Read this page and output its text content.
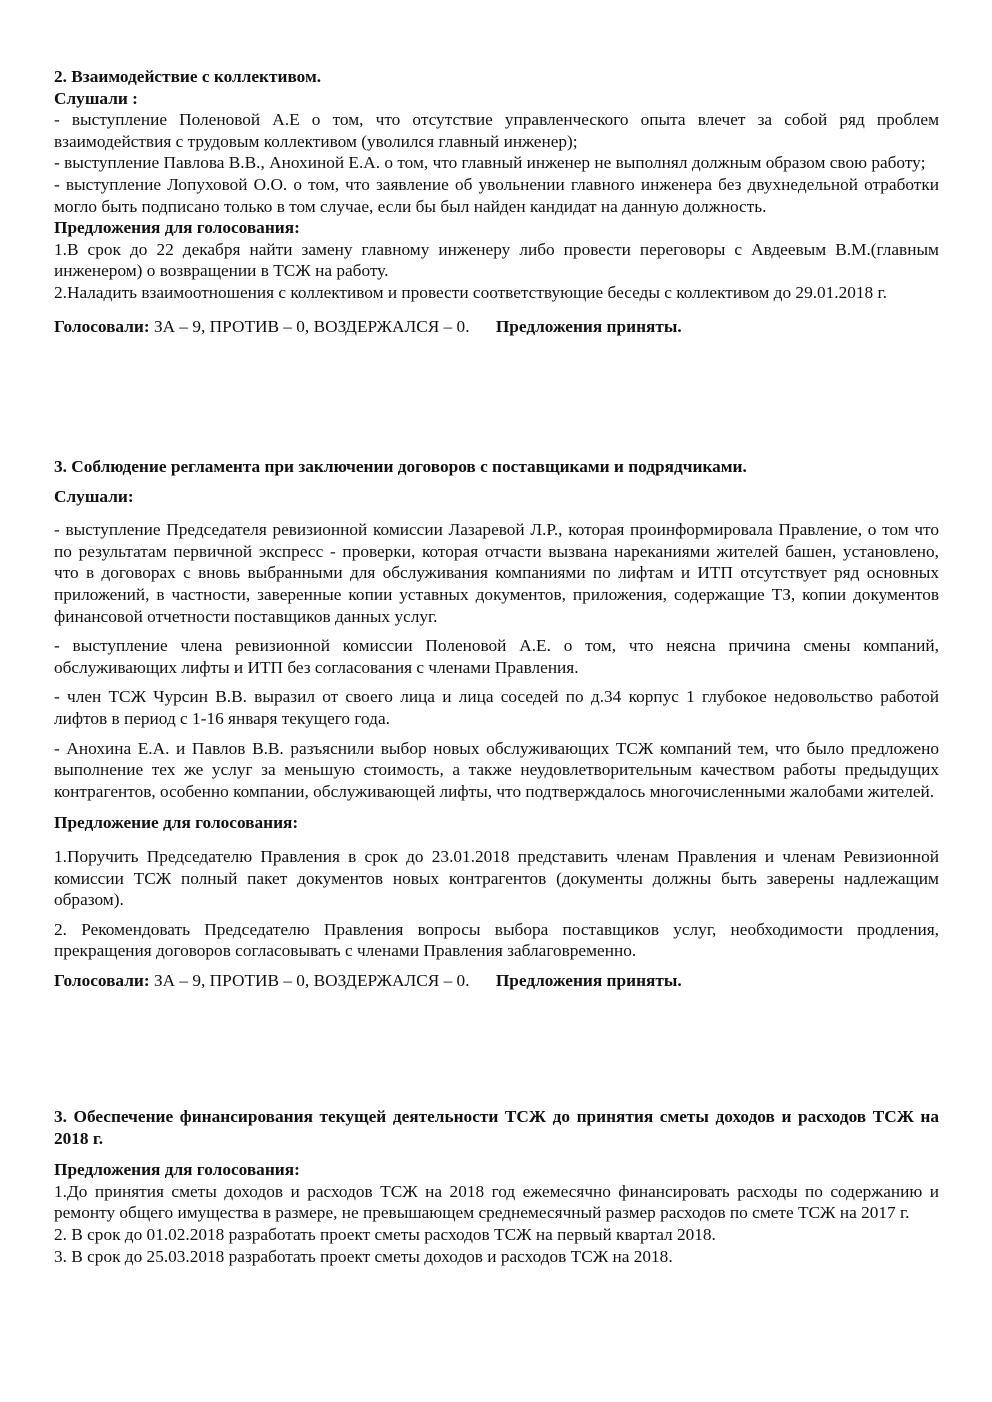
2. Взаимодействие с коллективом.
Слушали :

- выступление Поленовой А.Е о том, что отсутствие управленческого опыта влечет за собой ряд проблем взаимодействия с трудовым коллективом (уволился главный инженер);

- выступление Павлова В.В., Анохиной Е.А. о том, что главный инженер не выполнял должным образом свою работу;

- выступление Лопуховой О.О. о том, что заявление об увольнении главного инженера без двухнедельной отработки могло быть подписано только в том случае, если бы был найден кандидат на данную должность.

Предложения для голосования:

1.В срок до 22 декабря найти замену главному инженеру либо провести переговоры с Авдеевым В.М.(главным инженером) о возвращении в ТСЖ на работу.

2.Наладить взаимоотношения с коллективом и провести соответствующие беседы с коллективом до 29.01.2018 г.

Голосовали: ЗА – 9, ПРОТИВ – 0, ВОЗДЕРЖАЛСЯ – 0. Предложения приняты.
3. Соблюдение регламента при заключении договоров с поставщиками и подрядчиками.
Слушали:

- выступление Председателя ревизионной комиссии Лазаревой Л.Р., которая проинформировала Правление, о том что по результатам первичной экспресс - проверки, которая отчасти вызвана нареканиями жителей башен, установлено, что в договорах с вновь выбранными для обслуживания компаниями по лифтам и ИТП отсутствует ряд основных приложений, в частности, заверенные копии уставных документов, приложения, содержащие ТЗ, копии документов финансовой отчетности поставщиков данных услуг.

- выступление члена ревизионной комиссии Поленовой А.Е. о том, что неясна причина смены компаний, обслуживающих лифты и ИТП без согласования с членами Правления.

- член ТСЖ Чурсин В.В. выразил от своего лица и лица соседей по д.34 корпус 1 глубокое недовольство работой лифтов в период с 1-16 января текущего года.

- Анохина Е.А. и Павлов В.В. разъяснили выбор новых обслуживающих ТСЖ компаний тем, что было предложено выполнение тех же услуг за меньшую стоимость, а также неудовлетворительным качеством работы предыдущих контрагентов, особенно компании, обслуживающей лифты, что подтверждалось многочисленными жалобами жителей.

Предложение для голосования:

1.Поручить Председателю Правления в срок до 23.01.2018 представить членам Правления и членам Ревизионной комиссии ТСЖ полный пакет документов новых контрагентов (документы должны быть заверены надлежащим образом).

2. Рекомендовать Председателю Правления вопросы выбора поставщиков услуг, необходимости продления, прекращения договоров согласовывать с членами Правления заблаговременно.

Голосовали: ЗА – 9, ПРОТИВ – 0, ВОЗДЕРЖАЛСЯ – 0. Предложения приняты.

3. Обеспечение финансирования текущей деятельности ТСЖ до принятия сметы доходов и расходов ТСЖ на 2018 г.

Предложения для голосования:

1.До принятия сметы доходов и расходов ТСЖ на 2018 год ежемесячно финансировать расходы по содержанию и ремонту общего имущества в размере, не превышающем среднемесячный размер расходов по смете ТСЖ на 2017 г.

2. В срок до 01.02.2018 разработать проект сметы расходов ТСЖ на первый квартал 2018.

3. В срок до 25.03.2018 разработать проект сметы доходов и расходов ТСЖ на 2018.
